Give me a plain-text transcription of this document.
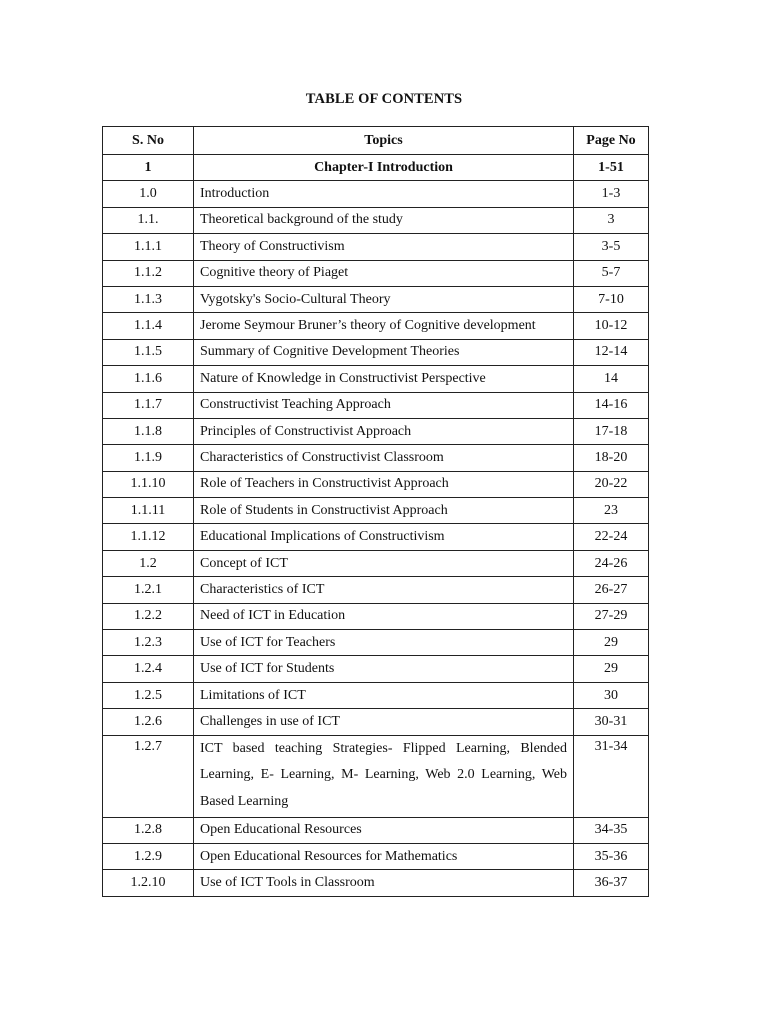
TABLE OF CONTENTS
S. No	Topics	Page No
1	Chapter-I Introduction	1-51
1.0	Introduction	1-3
1.1.	Theoretical background of the study	3
1.1.1	Theory of Constructivism	3-5
1.1.2	Cognitive theory of Piaget	5-7
1.1.3	Vygotsky's Socio-Cultural Theory	7-10
1.1.4	Jerome Seymour Bruner’s theory of Cognitive development	10-12
1.1.5	Summary of Cognitive Development Theories	12-14
1.1.6	Nature of Knowledge in Constructivist Perspective	14
1.1.7	Constructivist Teaching Approach	14-16
1.1.8	Principles of Constructivist Approach	17-18
1.1.9	Characteristics of Constructivist Classroom	18-20
1.1.10	Role of Teachers in Constructivist Approach	20-22
1.1.11	Role of Students in Constructivist Approach	23
1.1.12	Educational Implications of Constructivism	22-24
1.2	Concept of ICT	24-26
1.2.1	Characteristics of ICT	26-27
1.2.2	Need of ICT in Education	27-29
1.2.3	Use of ICT for Teachers	29
1.2.4	Use of ICT for Students	29
1.2.5	Limitations of ICT	30
1.2.6	Challenges in use of ICT	30-31
1.2.7	ICT based teaching Strategies- Flipped Learning, Blended Learning, E- Learning, M- Learning, Web 2.0 Learning, Web Based Learning	31-34
1.2.8	Open Educational Resources	34-35
1.2.9	Open Educational Resources for Mathematics	35-36
1.2.10	Use of ICT Tools in Classroom	36-37
